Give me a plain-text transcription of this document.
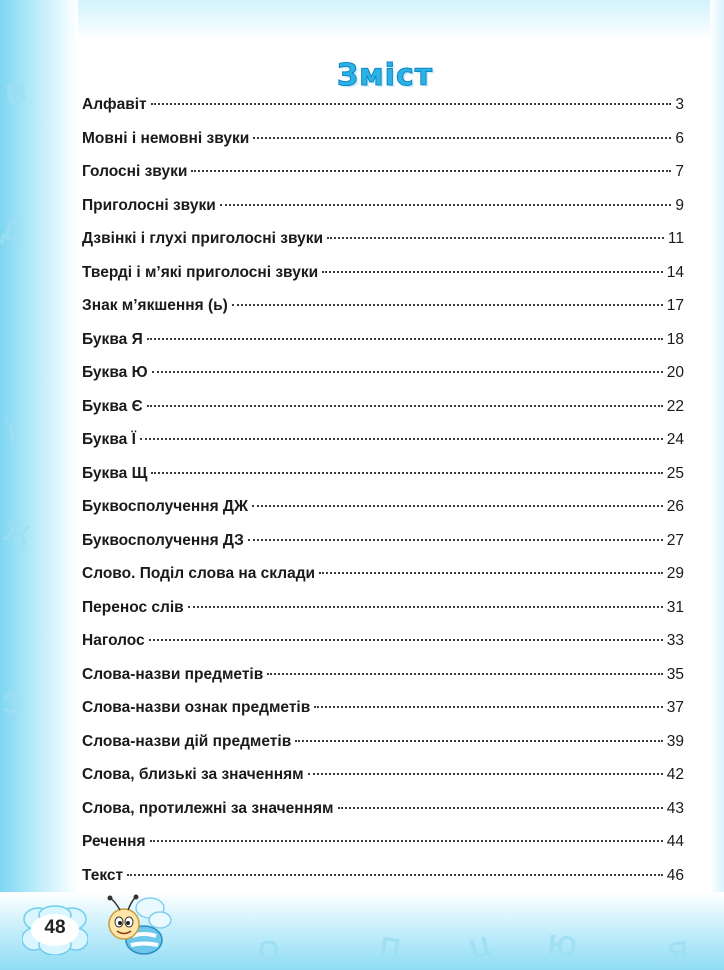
В
Д
Ї
Ж
З
О	П Ц Ю	Я
Зміст
Алфавіт	3
Мовні і немовні звуки	6
Голосні звуки	7
Приголосні звуки	9
Дзвінкі і глухі приголосні звуки	11
Тверді і м’які приголосні звуки	14
Знак м’якшення (ь)	17
Буква Я	18
Буква Ю	20
Буква Є	22
Буква Ї	24
Буква Щ	25
Буквосполучення ДЖ	26
Буквосполучення ДЗ	27
Слово. Поділ слова на склади	29
Перенос слів	31
Наголос	33
Слова-назви предметів	35
Слова-назви ознак предметів	37
Слова-назви дій предметів	39
Слова, близькі за значенням	42
Слова, протилежні за значенням	43
Речення	44
Текст	46
48
